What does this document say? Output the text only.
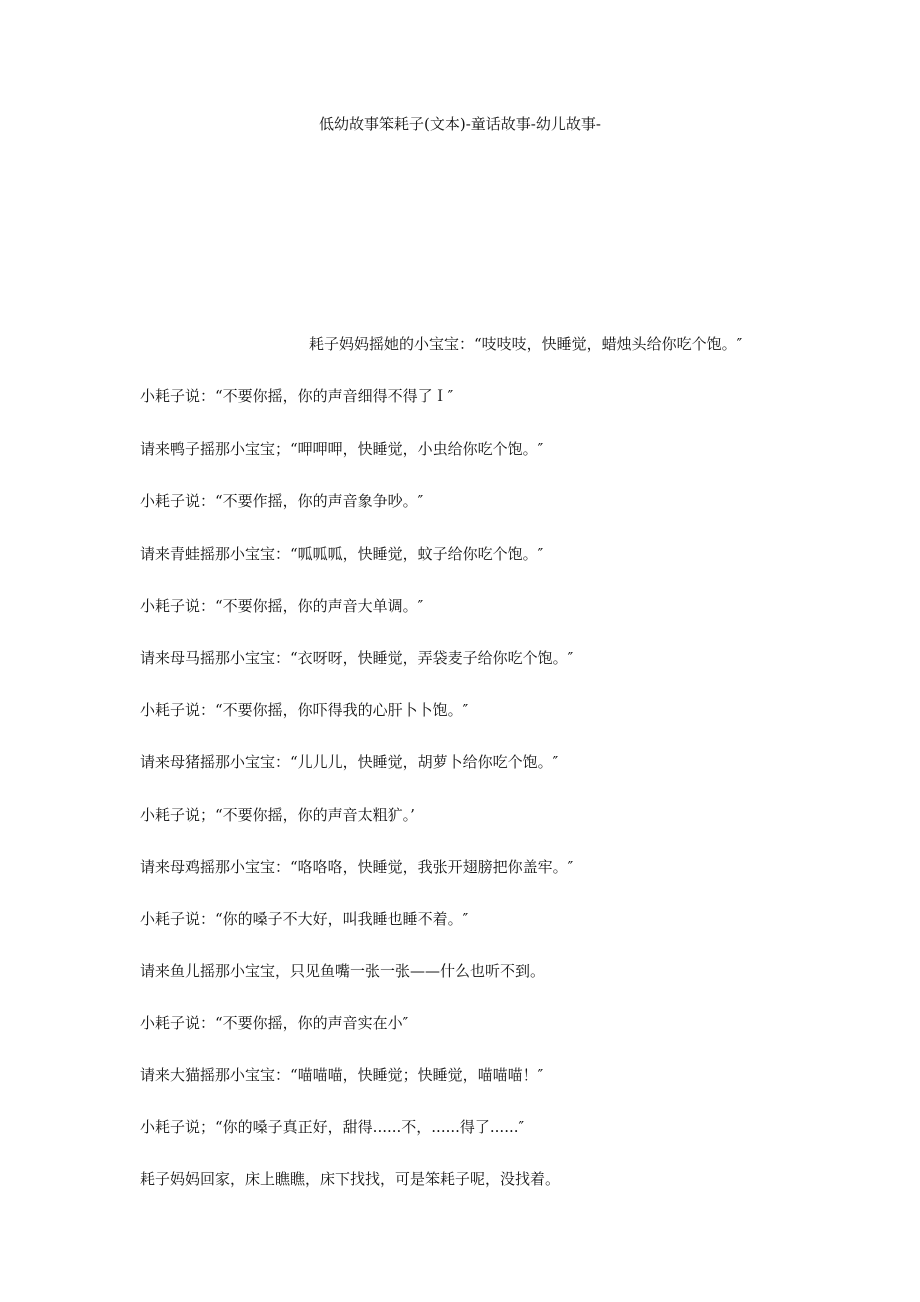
低幼故事笨耗子(文本)-童话故事-幼儿故事-

耗子妈妈摇她的小宝宝：“吱吱吱，快睡觉，蜡烛头给你吃个饱。″

小耗子说：“不要你摇，你的声音细得不得了Ｉ″

请来鸭子摇那小宝宝；“呷呷呷，快睡觉，小虫给你吃个饱。″

小耗子说：“不要作摇，你的声音象争吵。″

请来青蛙摇那小宝宝：“呱呱呱，快睡觉，蚊子给你吃个饱。″

小耗子说：“不要你摇，你的声音大单调。″

请来母马摇那小宝宝：“衣呀呀，快睡觉，弄袋麦子给你吃个饱。″

小耗子说：“不要你摇，你吓得我的心肝卜卜饱。″

请来母猪摇那小宝宝：“儿儿儿，快睡觉，胡萝卜给你吃个饱。″

小耗子说；“不要你摇，你的声音太粗犷。’

请来母鸡摇那小宝宝：“咯咯咯，快睡觉，我张开翅膀把你盖牢。″

小耗子说：“你的嗓子不大好，叫我睡也睡不着。″

请来鱼儿摇那小宝宝，只见鱼嘴一张一张——什么也听不到。

小耗子说：“不要你摇，你的声音实在小″

请来大猫摇那小宝宝：“喵喵喵，快睡觉；快睡觉，喵喵喵！″

小耗子说；“你的嗓子真正好，甜得......不，......得了......″

耗子妈妈回家，床上瞧瞧，床下找找，可是笨耗子呢，没找着。
